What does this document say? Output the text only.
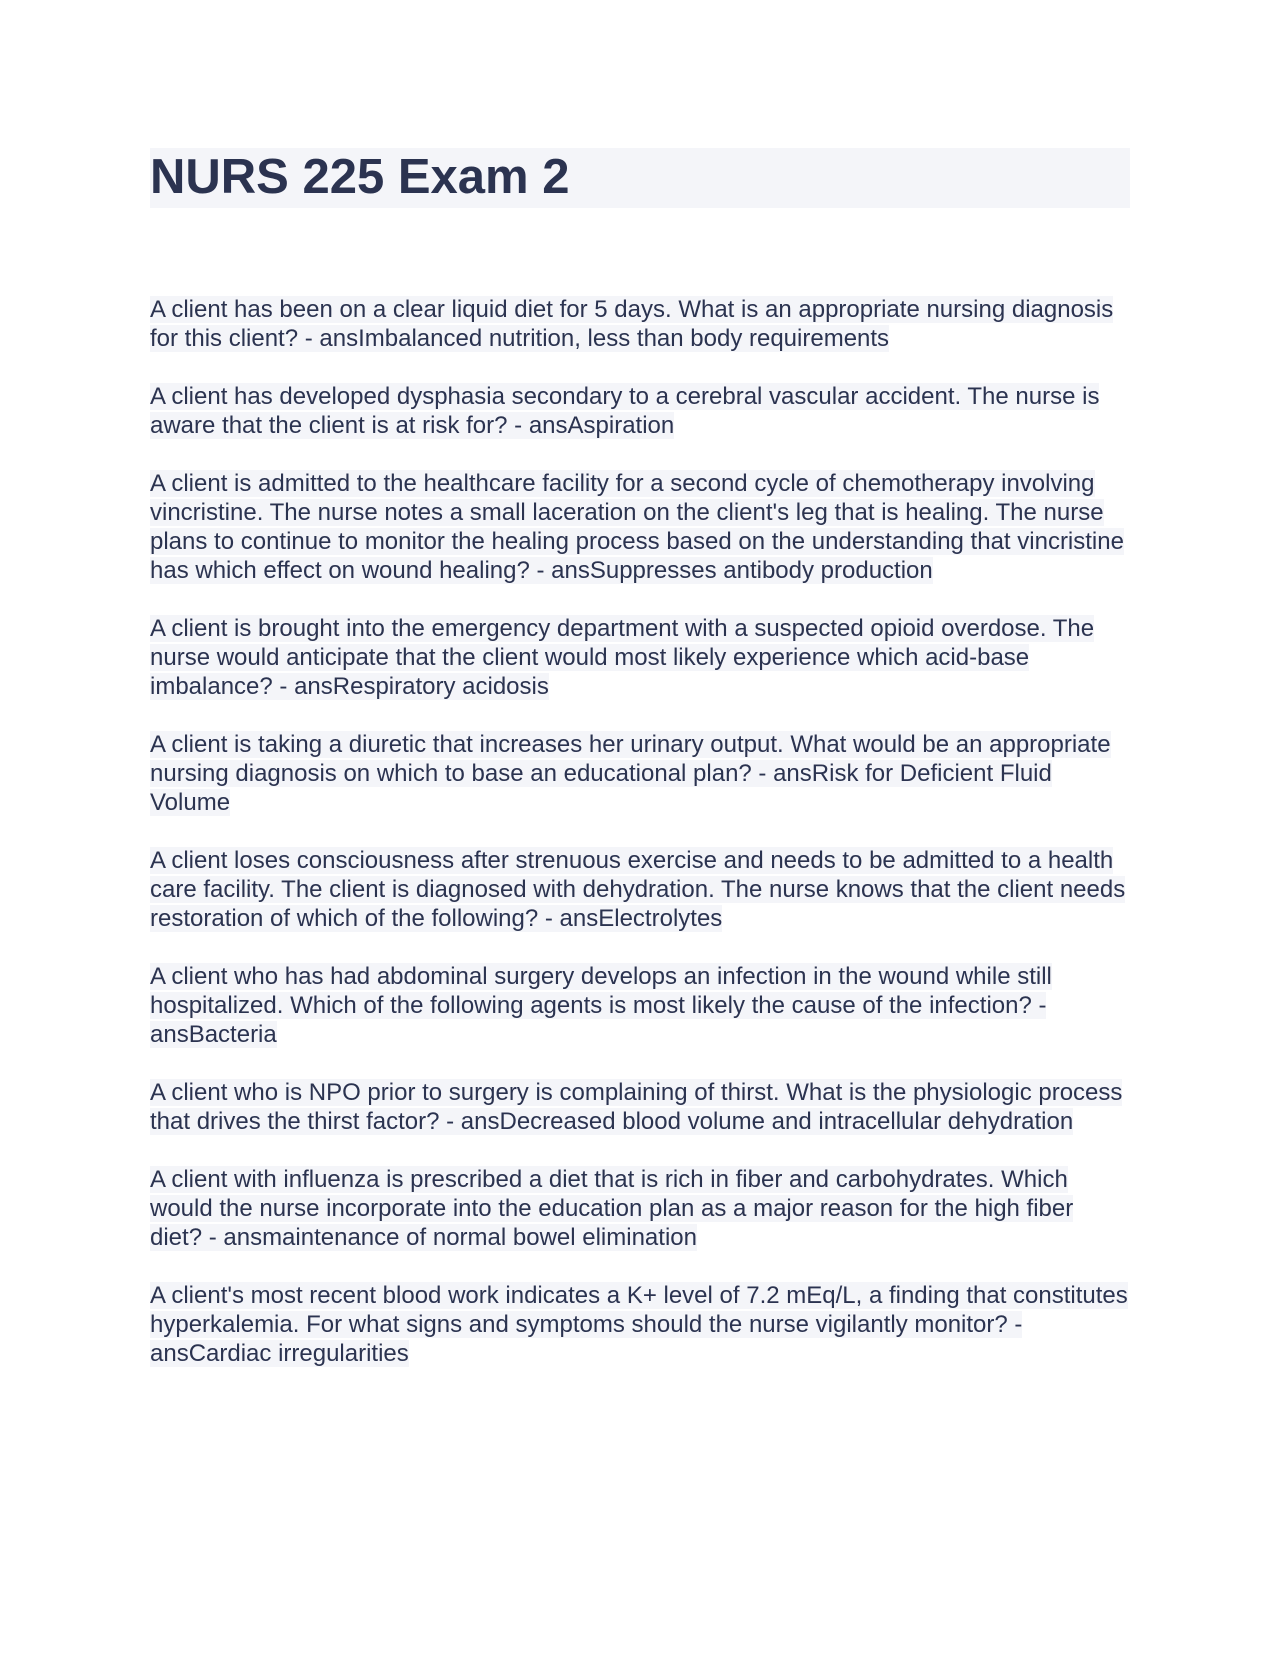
NURS 225 Exam 2

A client has been on a clear liquid diet for 5 days. What is an appropriate nursing diagnosis for this client? - ansImbalanced nutrition, less than body requirements

A client has developed dysphasia secondary to a cerebral vascular accident. The nurse is aware that the client is at risk for? - ansAspiration

A client is admitted to the healthcare facility for a second cycle of chemotherapy involving vincristine. The nurse notes a small laceration on the client's leg that is healing. The nurse plans to continue to monitor the healing process based on the understanding that vincristine has which effect on wound healing? - ansSuppresses antibody production

A client is brought into the emergency department with a suspected opioid overdose. The nurse would anticipate that the client would most likely experience which acid-base imbalance? - ansRespiratory acidosis

A client is taking a diuretic that increases her urinary output. What would be an appropriate nursing diagnosis on which to base an educational plan? - ansRisk for Deficient Fluid Volume

A client loses consciousness after strenuous exercise and needs to be admitted to a health care facility. The client is diagnosed with dehydration. The nurse knows that the client needs restoration of which of the following? - ansElectrolytes

A client who has had abdominal surgery develops an infection in the wound while still hospitalized. Which of the following agents is most likely the cause of the infection? - ansBacteria

A client who is NPO prior to surgery is complaining of thirst. What is the physiologic process that drives the thirst factor? - ansDecreased blood volume and intracellular dehydration

A client with influenza is prescribed a diet that is rich in fiber and carbohydrates. Which would the nurse incorporate into the education plan as a major reason for the high fiber diet? - ansmaintenance of normal bowel elimination

A client's most recent blood work indicates a K+ level of 7.2 mEq/L, a finding that constitutes hyperkalemia. For what signs and symptoms should the nurse vigilantly monitor? - ansCardiac irregularities
